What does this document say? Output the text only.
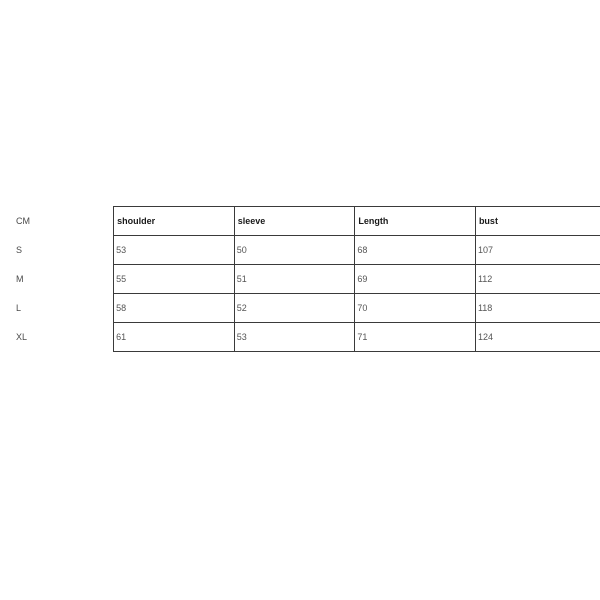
CM	shoulder	sleeve	Length	bust
S	53	50	68	107
M	55	51	69	112
L	58	52	70	118
XL	61	53	71	124
